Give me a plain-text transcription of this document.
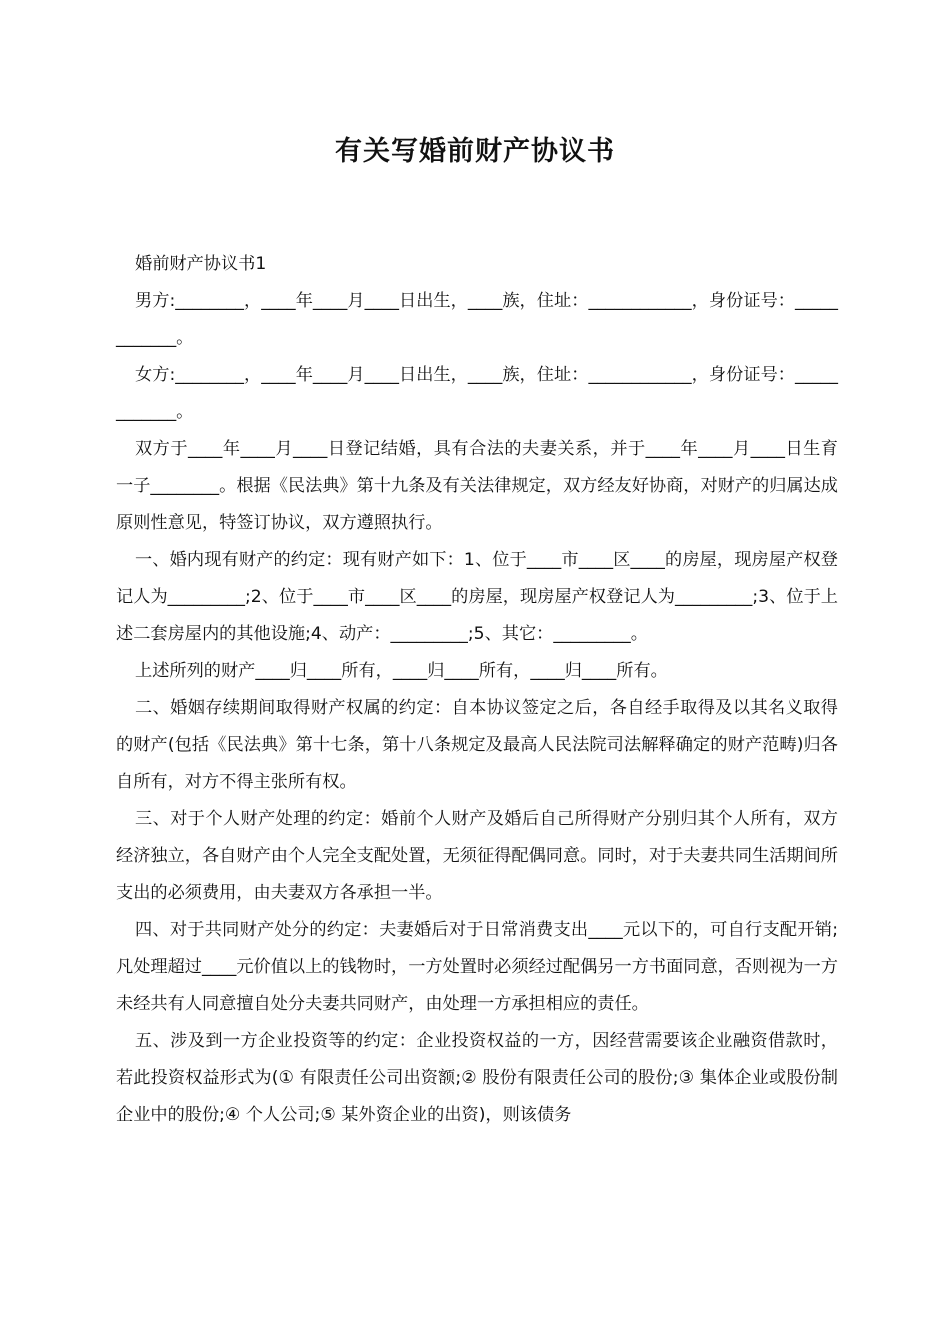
有关写婚前财产协议书

婚前财产协议书1

男方:________，____年____月____日出生，____族，住址：____________，身份证号：____________。

女方:________，____年____月____日出生，____族，住址：____________，身份证号：____________。

双方于____年____月____日登记结婚，具有合法的夫妻关系，并于____年____月____日生育一子________。根据《民法典》第十九条及有关法律规定，双方经友好协商，对财产的归属达成原则性意见，特签订协议，双方遵照执行。

一、婚内现有财产的约定：现有财产如下：1、位于____市____区____的房屋，现房屋产权登记人为_________;2、位于____市____区____的房屋，现房屋产权登记人为_________;3、位于上述二套房屋内的其他设施;4、动产：_________;5、其它：_________。

上述所列的财产____归____所有，____归____所有，____归____所有。

二、婚姻存续期间取得财产权属的约定：自本协议签定之后，各自经手取得及以其名义取得的财产(包括《民法典》第十七条，第十八条规定及最高人民法院司法解释确定的财产范畴)归各自所有，对方不得主张所有权。

三、对于个人财产处理的约定：婚前个人财产及婚后自己所得财产分别归其个人所有，双方经济独立，各自财产由个人完全支配处置，无须征得配偶同意。同时，对于夫妻共同生活期间所支出的必须费用，由夫妻双方各承担一半。

四、对于共同财产处分的约定：夫妻婚后对于日常消费支出____元以下的，可自行支配开销;凡处理超过____元价值以上的钱物时，一方处置时必须经过配偶另一方书面同意，否则视为一方未经共有人同意擅自处分夫妻共同财产，由处理一方承担相应的责任。

五、涉及到一方企业投资等的约定：企业投资权益的一方，因经营需要该企业融资借款时，若此投资权益形式为(① 有限责任公司出资额;② 股份有限责任公司的股份;③ 集体企业或股份制企业中的股份;④ 个人公司;⑤ 某外资企业的出资)，则该债务
